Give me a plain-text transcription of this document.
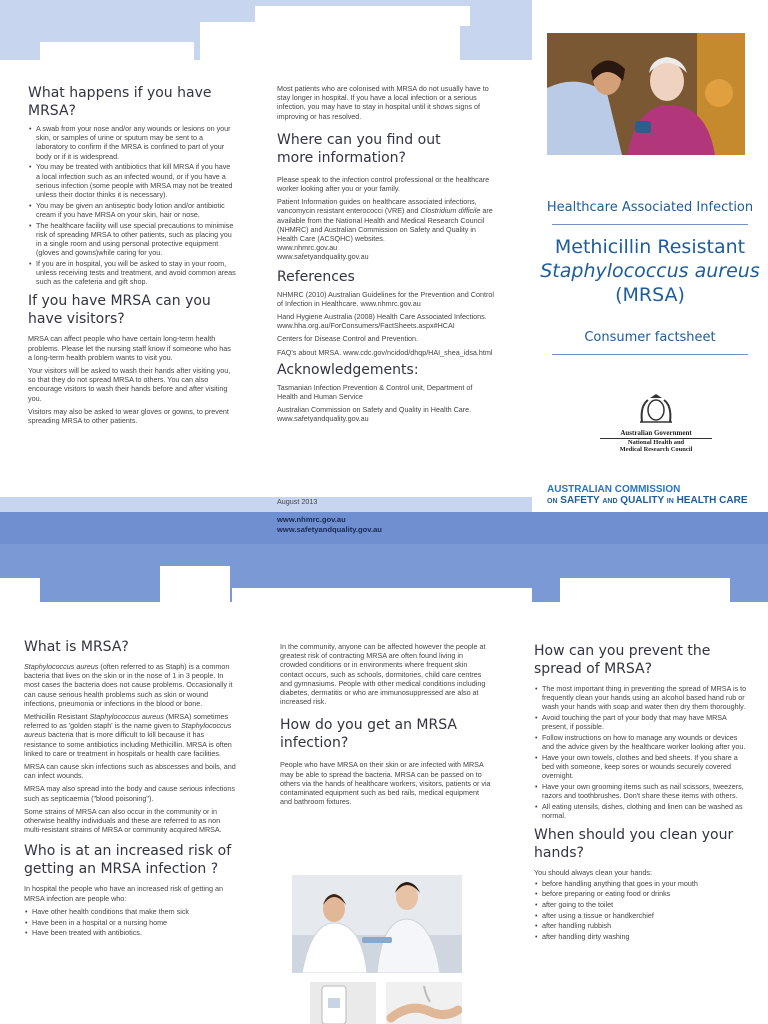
What happens if you have MRSA?
• A swab from your nose and/or any wounds or lesions on your skin, or samples of urine or sputum may be sent to a laboratory to confirm if the MRSA is confined to part of your body or if it is widespread.
• You may be treated with antibiotics that kill MRSA if you have a local infection such as an infected wound, or if you have a serious infection (some people with MRSA may not be treated unless their doctor thinks it is necessary).
• You may be given an antiseptic body lotion and/or antibiotic cream if you have MRSA on your skin, hair or nose.
• The healthcare facility will use special precautions to minimise risk of spreading MRSA to other patients, such as placing you in a single room and using personal protective equipment (gloves and gowns)while caring for you.
• If you are in hospital, you will be asked to stay in your room, unless receiving tests and treatment, and avoid common areas such as the cafeteria and gift shop.
If you have MRSA can you have visitors?

MRSA can affect people who have certain long-term health problems. Please let the nursing staff know if someone who has a long-term health problem wants to visit you.

Your visitors will be asked to wash their hands after visiting you, so that they do not spread MRSA to others. You can also encourage visitors to wash their hands before and after visiting you.

Visitors may also be asked to wear gloves or gowns, to prevent spreading MRSA to other patients.

Most patients who are colonised with MRSA do not usually have to stay longer in hospital. If you have a local infection or a serious infection, you may have to stay in hospital until it shows signs of improving or has resolved.

Where can you find out more information?

Please speak to the infection control professional or the healthcare worker looking after you or your family.

Patient Information guides on healthcare associated infections, vancomycin resistant enterococci (VRE) and Clostridium difficile are available from the National Health and Medical Research Council (NHMRC) and Australian Commission on Safety and Quality in Health Care (ACSQHC) websites.

www.nhmrc.gov.au

www.safetyandquality.gov.au

References

NHMRC (2010) Australian Guidelines for the Prevention and Control of Infection in Healthcare. www.nhmrc.gov.au

Hand Hygiene Australia (2008) Health Care Associated Infections. www.hha.org.au/ForConsumers/FactSheets.aspx#HCAI

Centers for Disease Control and Prevention.

FAQ's about MRSA. www.cdc.gov/ncidod/dhqp/HAI_shea_idsa.html

Acknowledgements:

Tasmanian Infection Prevention & Control unit, Department of Health and Human Service

Australian Commission on Safety and Quality in Health Care. www.safetyandquality.gov.au

August 2013
Healthcare Associated Infection
Methicillin Resistant
Staphylococcus aureus
(MRSA)
Consumer factsheet
Australian Government
National Health and
Medical Research Council
AUSTRALIAN COMMISSION
ON SAFETY AND QUALITY IN HEALTH CARE
www.nhmrc.gov.au
www.safetyandquality.gov.au
What is MRSA?

Staphylococcus aureus (often referred to as Staph) is a common bacteria that lives on the skin or in the nose of 1 in 3 people. In most cases the bacteria does not cause problems. Occasionally it can cause serious health problems such as skin or wound infections, pneumonia or infections in the blood or bone.

Methicillin Resistant Staphylococcus aureus (MRSA) sometimes referred to as 'golden staph' is the name given to Staphylococcus aureus bacteria that is more difficult to kill because it has resistance to some antibiotics including Methicillin. MRSA is often linked to care or treatment in hospitals or health care facilities.

MRSA can cause skin infections such as abscesses and boils, and can infect wounds.

MRSA may also spread into the body and cause serious infections such as septicaemia ("blood poisoning").

Some strains of MRSA can also occur in the community or in otherwise healthy individuals and these are referred to as non multi-resistant strains of MRSA or community acquired MRSA.

Who is at an increased risk of getting an MRSA infection ?

In hospital the people who have an increased risk of getting an MRSA infection are people who:

• Have other health conditions that make them sick
• Have been in a hospital or a nursing home
• Have been treated with antibiotics.

In the community, anyone can be affected however the people at greatest risk of contracting MRSA are often found living in crowded conditions or in environments where frequent skin contact occurs, such as schools, dormitories, child care centres and gymnasiums. People with other medical conditions including diabetes, dermatitis or who are immunosuppressed are also at increased risk.

How do you get an MRSA infection?

People who have MRSA on their skin or are infected with MRSA may be able to spread the bacteria. MRSA can be passed on to others via the hands of healthcare workers, visitors, patients or via contaminated equipment such as bed rails, medical equipment and bathroom fixtures.

How can you prevent the spread of MRSA?
• The most important thing in preventing the spread of MRSA is to frequently clean your hands using an alcohol based hand rub or wash your hands with soap and water then dry them thoroughly.
• Avoid touching the part of your body that may have MRSA present, if possible.
• Follow instructions on how to manage any wounds or devices and the advice given by the healthcare worker looking after you.
• Have your own towels, clothes and bed sheets. If you share a bed with someone, keep sores or wounds securely covered overnight.
• Have your own grooming items such as nail scissors, tweezers, razors and toothbrushes. Don't share these items with others.
• All eating utensils, dishes, clothing and linen can be washed as normal.
When should you clean your hands?

You should always clean your hands:

• before handling anything that goes in your mouth
• before preparing or eating food or drinks
• after going to the toilet
• after using a tissue or handkerchief
• after handling rubbish
• after handling dirty washing
